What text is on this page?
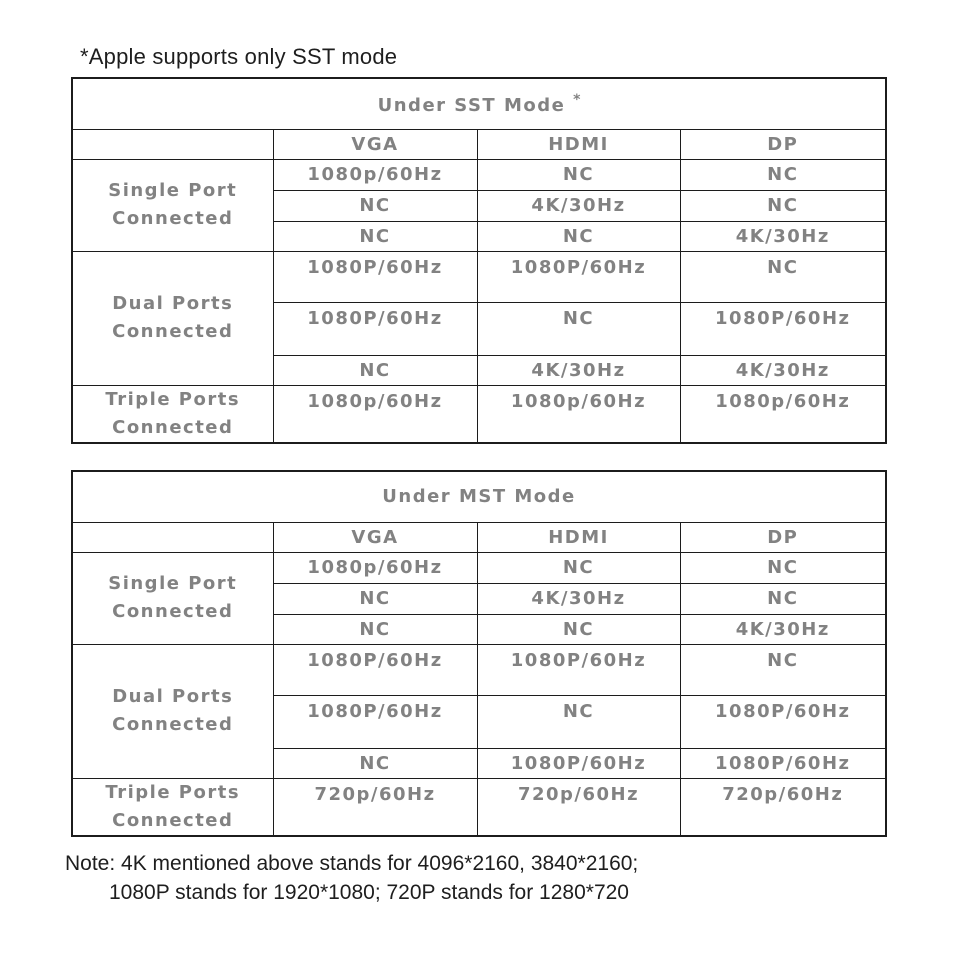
*Apple supports only SST mode
Under SST Mode *
	VGA	HDMI	DP

Single Port
Connected	1080p/60Hz	NC	NC
	NC	4K/30Hz	NC
	NC	NC	4K/30Hz

Dual Ports
Connected	1080P/60Hz	1080P/60Hz	NC
	1080P/60Hz	NC	1080P/60Hz
	NC	4K/30Hz	4K/30Hz

Triple Ports
Connected	1080p/60Hz	1080p/60Hz	1080p/60Hz
Under MST Mode			
	VGA	HDMI	DP

Single Port
Connected	1080p/60Hz	NC	NC
	NC	4K/30Hz	NC
	NC	NC	4K/30Hz

Dual Ports
Connected	1080P/60Hz	1080P/60Hz	NC
	1080P/60Hz	NC	1080P/60Hz
	NC	1080P/60Hz	1080P/60Hz

Triple Ports
Connected	720p/60Hz	720p/60Hz	720p/60Hz
Note: 4K mentioned above stands for 4096*2160, 3840*2160;
1080P stands for 1920*1080; 720P stands for 1280*720
